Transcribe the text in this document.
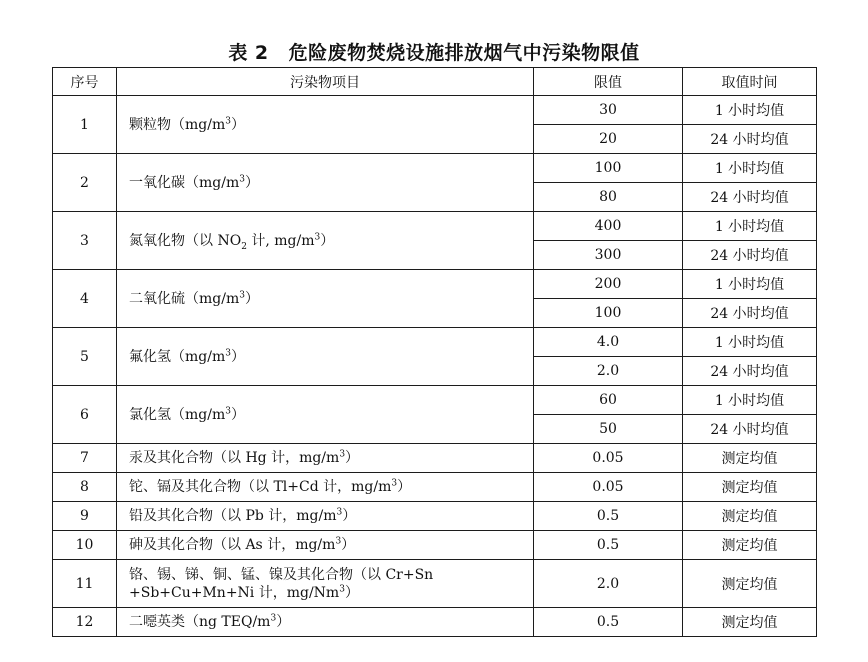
表 2 危险废物焚烧设施排放烟气中污染物限值
序号	污染物项目	限值	取值时间
1	颗粒物$(mg/m^3)$	30	1 小时均值
		20	24 小时均值
2	一氧化碳$(mg/m^3)$	100	1 小时均值
		80	24 小时均值
3	氮氧化物（以 $NO_2$ 计, $mg/m^3$）	400	1 小时均值
		300	24 小时均值
4	二氧化硫$(mg/m^3)$	200	1 小时均值
		100	24 小时均值
5	氟化氢$(mg/m^3)$	4.0	1 小时均值
		2.0	24 小时均值
6	氯化氢$(mg/m^3)$	60	1 小时均值
		50	24 小时均值
7	汞及其化合物（以 Hg 计，$mg/m^3$）	0.05	测定均值
8	铊、镉及其化合物（以 Tl+Cd 计，$mg/m^3$）	0.05	测定均值
9	铅及其化合物（以 Pb 计，$mg/m^3$）	0.5	测定均值
10	砷及其化合物（以 As 计，$mg/m^3$）	0.5	测定均值
11	铬、锡、锑、铜、锰、镍及其化合物（以 Cr+Sn
+Sb+Cu+Mn+Ni 计，mg/Nm$^3$）	2.0	测定均值
12	二噁英类（ng TEQ/$m^3$）	0.5	测定均值
